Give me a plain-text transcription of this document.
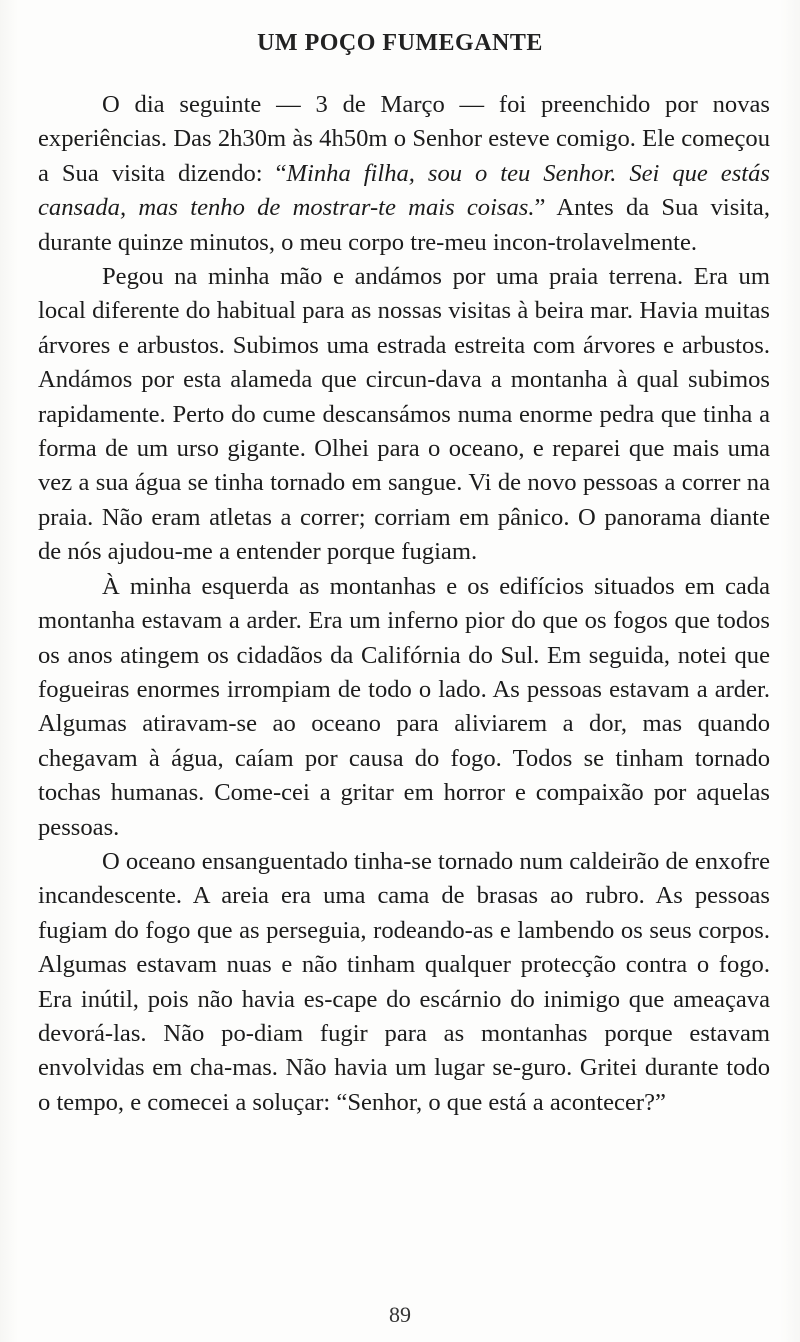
UM POÇO FUMEGANTE

O dia seguinte — 3 de Março — foi preenchido por novas experiências. Das 2h30m às 4h50m o Senhor esteve comigo. Ele começou a Sua visita dizendo: “Minha filha, sou o teu Senhor. Sei que estás cansada, mas tenho de mostrar-te mais coisas.” Antes da Sua visita, durante quinze minutos, o meu corpo tre-meu incon-trolavelmente.

Pegou na minha mão e andámos por uma praia terrena. Era um local diferente do habitual para as nossas visitas à beira mar. Havia muitas árvores e arbustos. Subimos uma estrada estreita com árvores e arbustos. Andámos por esta alameda que circun-dava a montanha à qual subimos rapidamente. Perto do cume descansámos numa enorme pedra que tinha a forma de um urso gigante. Olhei para o oceano, e reparei que mais uma vez a sua água se tinha tornado em sangue. Vi de novo pessoas a correr na praia. Não eram atletas a correr; corriam em pânico. O panorama diante de nós ajudou-me a entender porque fugiam.

À minha esquerda as montanhas e os edifícios situados em cada montanha estavam a arder. Era um inferno pior do que os fogos que todos os anos atingem os cidadãos da Califórnia do Sul. Em seguida, notei que fogueiras enormes irrompiam de todo o lado. As pessoas estavam a arder. Algumas atiravam-se ao oceano para aliviarem a dor, mas quando chegavam à água, caíam por causa do fogo. Todos se tinham tornado tochas humanas. Come-cei a gritar em horror e compaixão por aquelas pessoas.

O oceano ensanguentado tinha-se tornado num caldeirão de enxofre incandescente. A areia era uma cama de brasas ao rubro. As pessoas fugiam do fogo que as perseguia, rodeando-as e lambendo os seus corpos. Algumas estavam nuas e não tinham qualquer protecção contra o fogo. Era inútil, pois não havia es-cape do escárnio do inimigo que ameaçava devorá-las. Não po-diam fugir para as montanhas porque estavam envolvidas em cha-mas. Não havia um lugar se-guro. Gritei durante todo o tempo, e comecei a soluçar: “Senhor, o que está a acontecer?”

89
